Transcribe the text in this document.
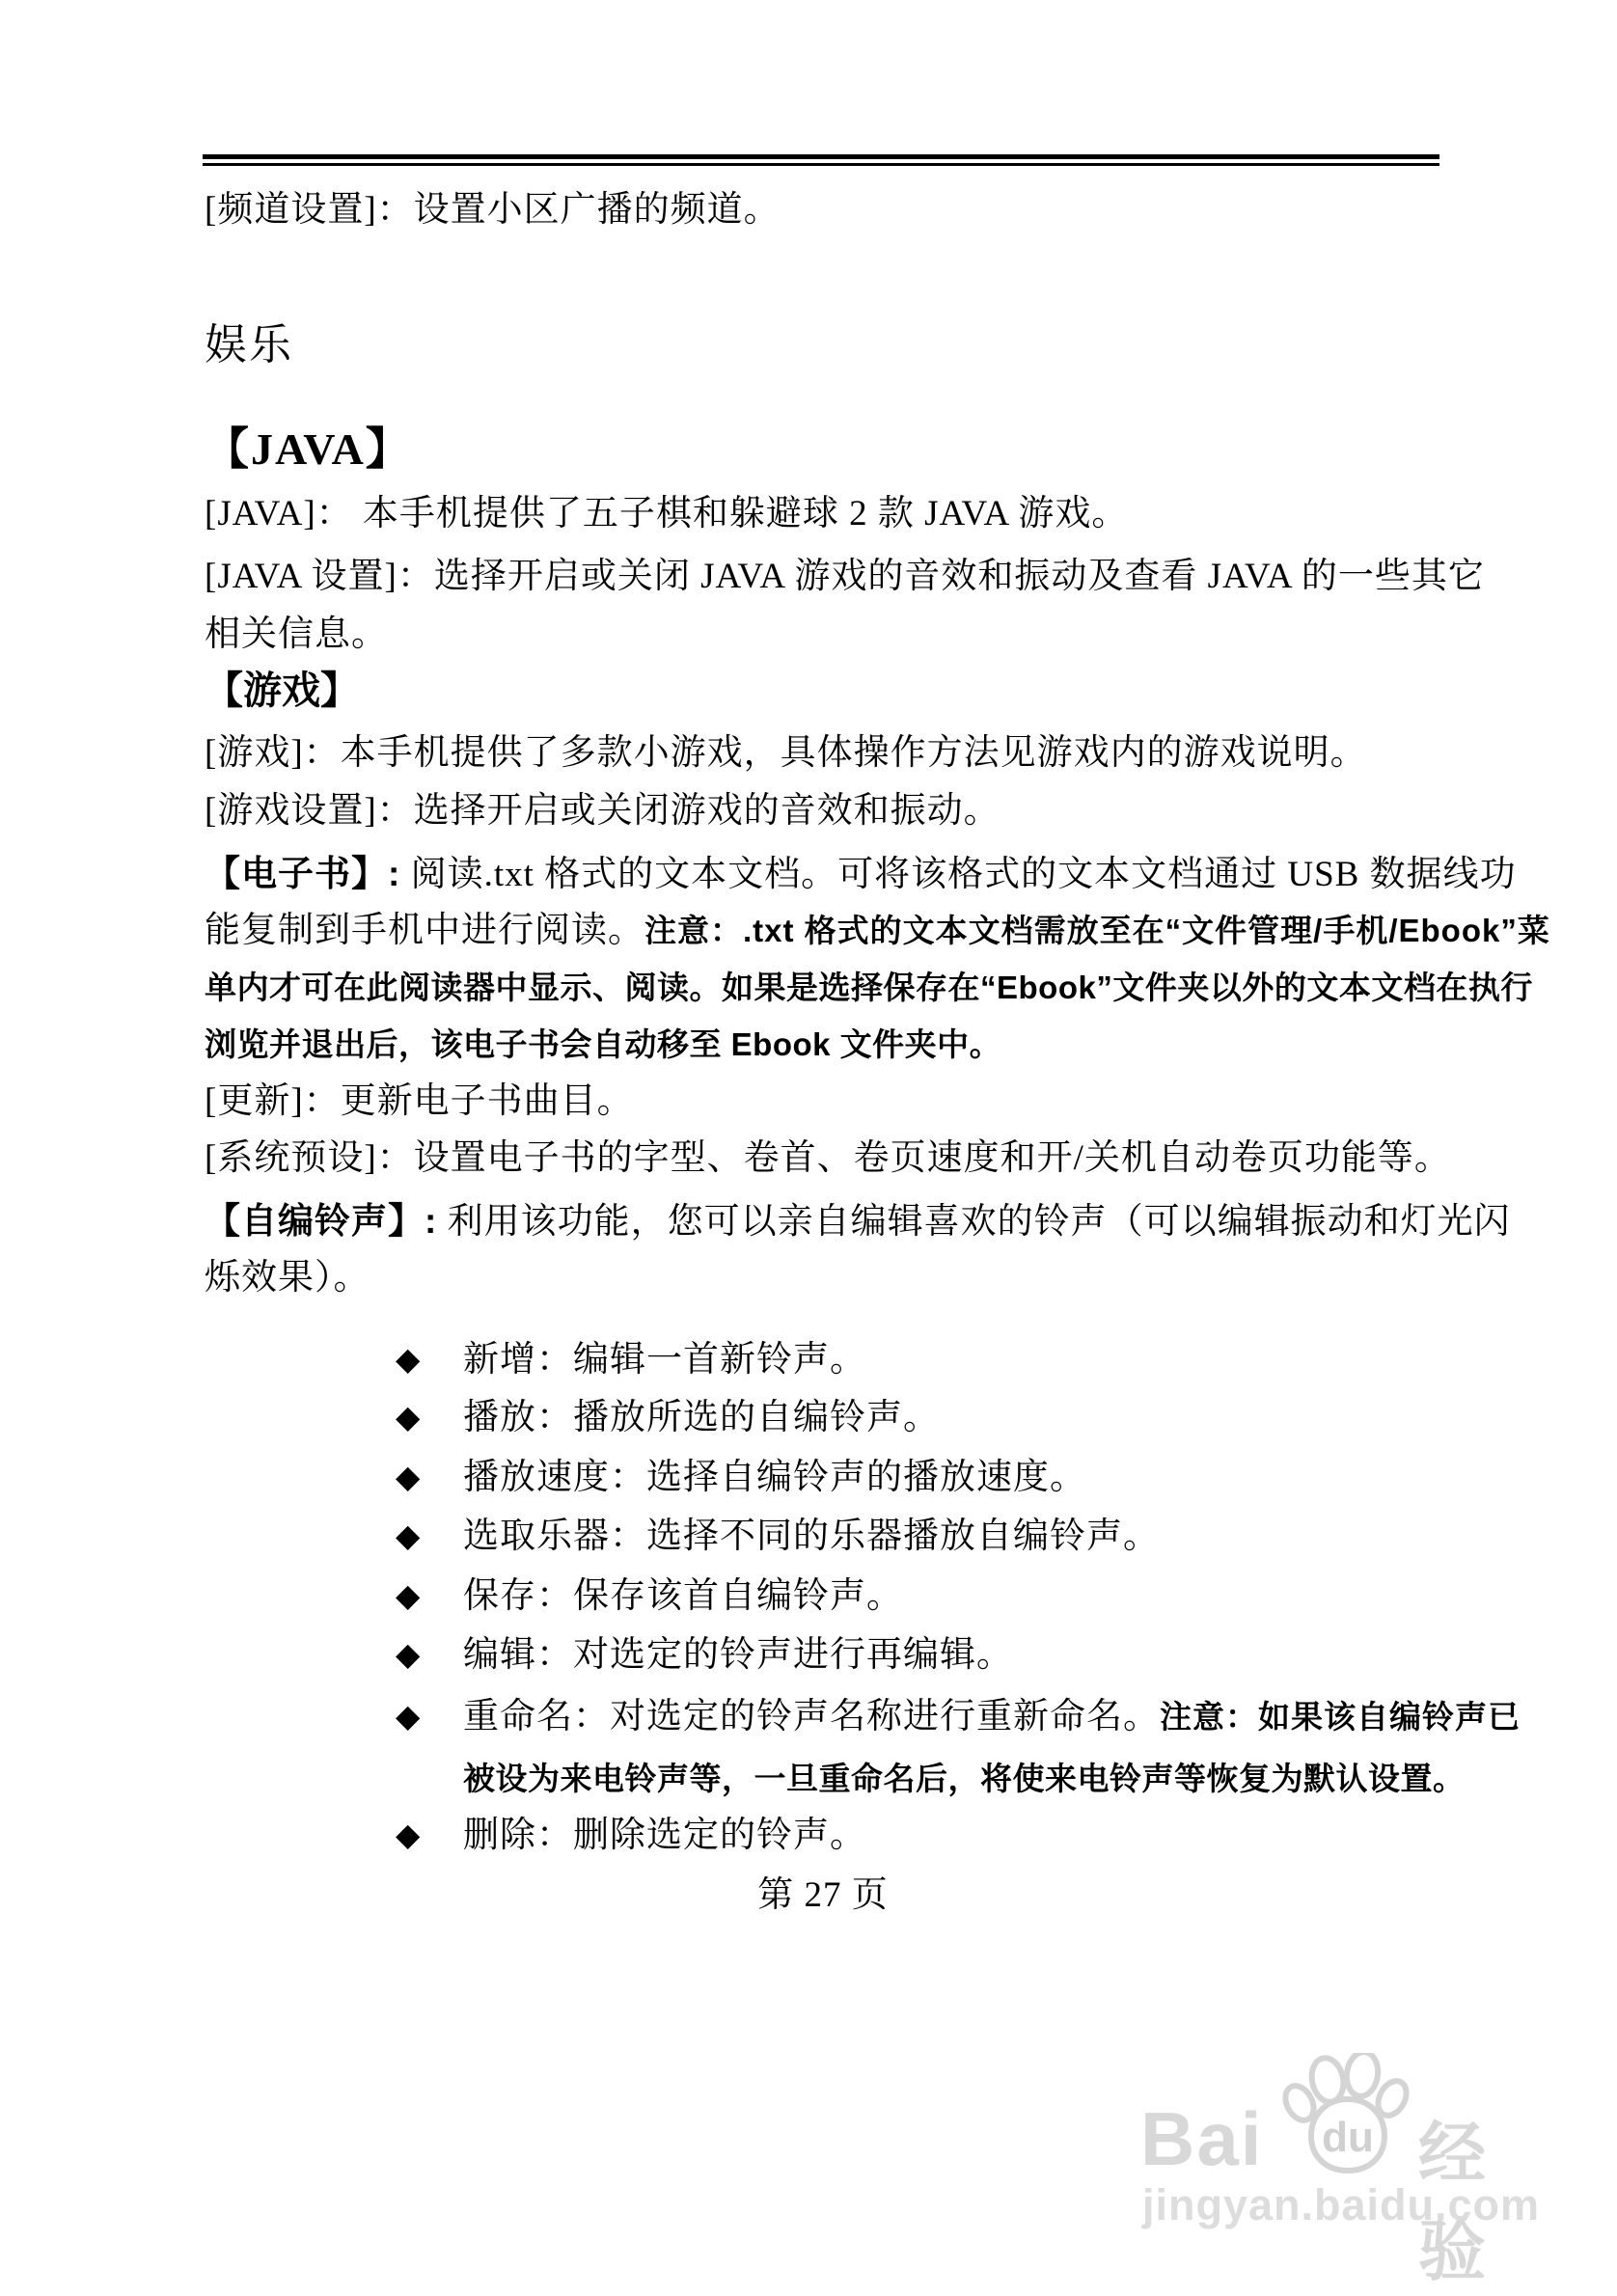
[频道设置]：设置小区广播的频道。
娱乐
【JAVA】
[JAVA]： 本手机提供了五子棋和躲避球 2 款 JAVA 游戏。
[JAVA 设置]：选择开启或关闭 JAVA 游戏的音效和振动及查看 JAVA 的一些其它
相关信息。
【游戏】
[游戏]：本手机提供了多款小游戏，具体操作方法见游戏内的游戏说明。
[游戏设置]：选择开启或关闭游戏的音效和振动。
【电子书】: 阅读.txt 格式的文本文档。可将该格式的文本文档通过 USB 数据线功
能复制到手机中进行阅读。注意：.txt 格式的文本文档需放至在“文件管理/手机/Ebook”菜
单内才可在此阅读器中显示、阅读。如果是选择保存在“Ebook”文件夹以外的文本文档在执行
浏览并退出后，该电子书会自动移至 Ebook 文件夹中。
[更新]：更新电子书曲目。
[系统预设]：设置电子书的字型、卷首、卷页速度和开/关机自动卷页功能等。
【自编铃声】: 利用该功能，您可以亲自编辑喜欢的铃声（可以编辑振动和灯光闪
烁效果）。
◆ 新增：编辑一首新铃声。
◆ 播放：播放所选的自编铃声。
◆ 播放速度：选择自编铃声的播放速度。
◆ 选取乐器：选择不同的乐器播放自编铃声。
◆ 保存：保存该首自编铃声。
◆ 编辑：对选定的铃声进行再编辑。
◆ 重命名：对选定的铃声名称进行重新命名。注意：如果该自编铃声已
被设为来电铃声等，一旦重命名后，将使来电铃声等恢复为默认设置。
◆ 删除：删除选定的铃声。
第 27 页
Bai du 经验
jingyan.baidu.com
